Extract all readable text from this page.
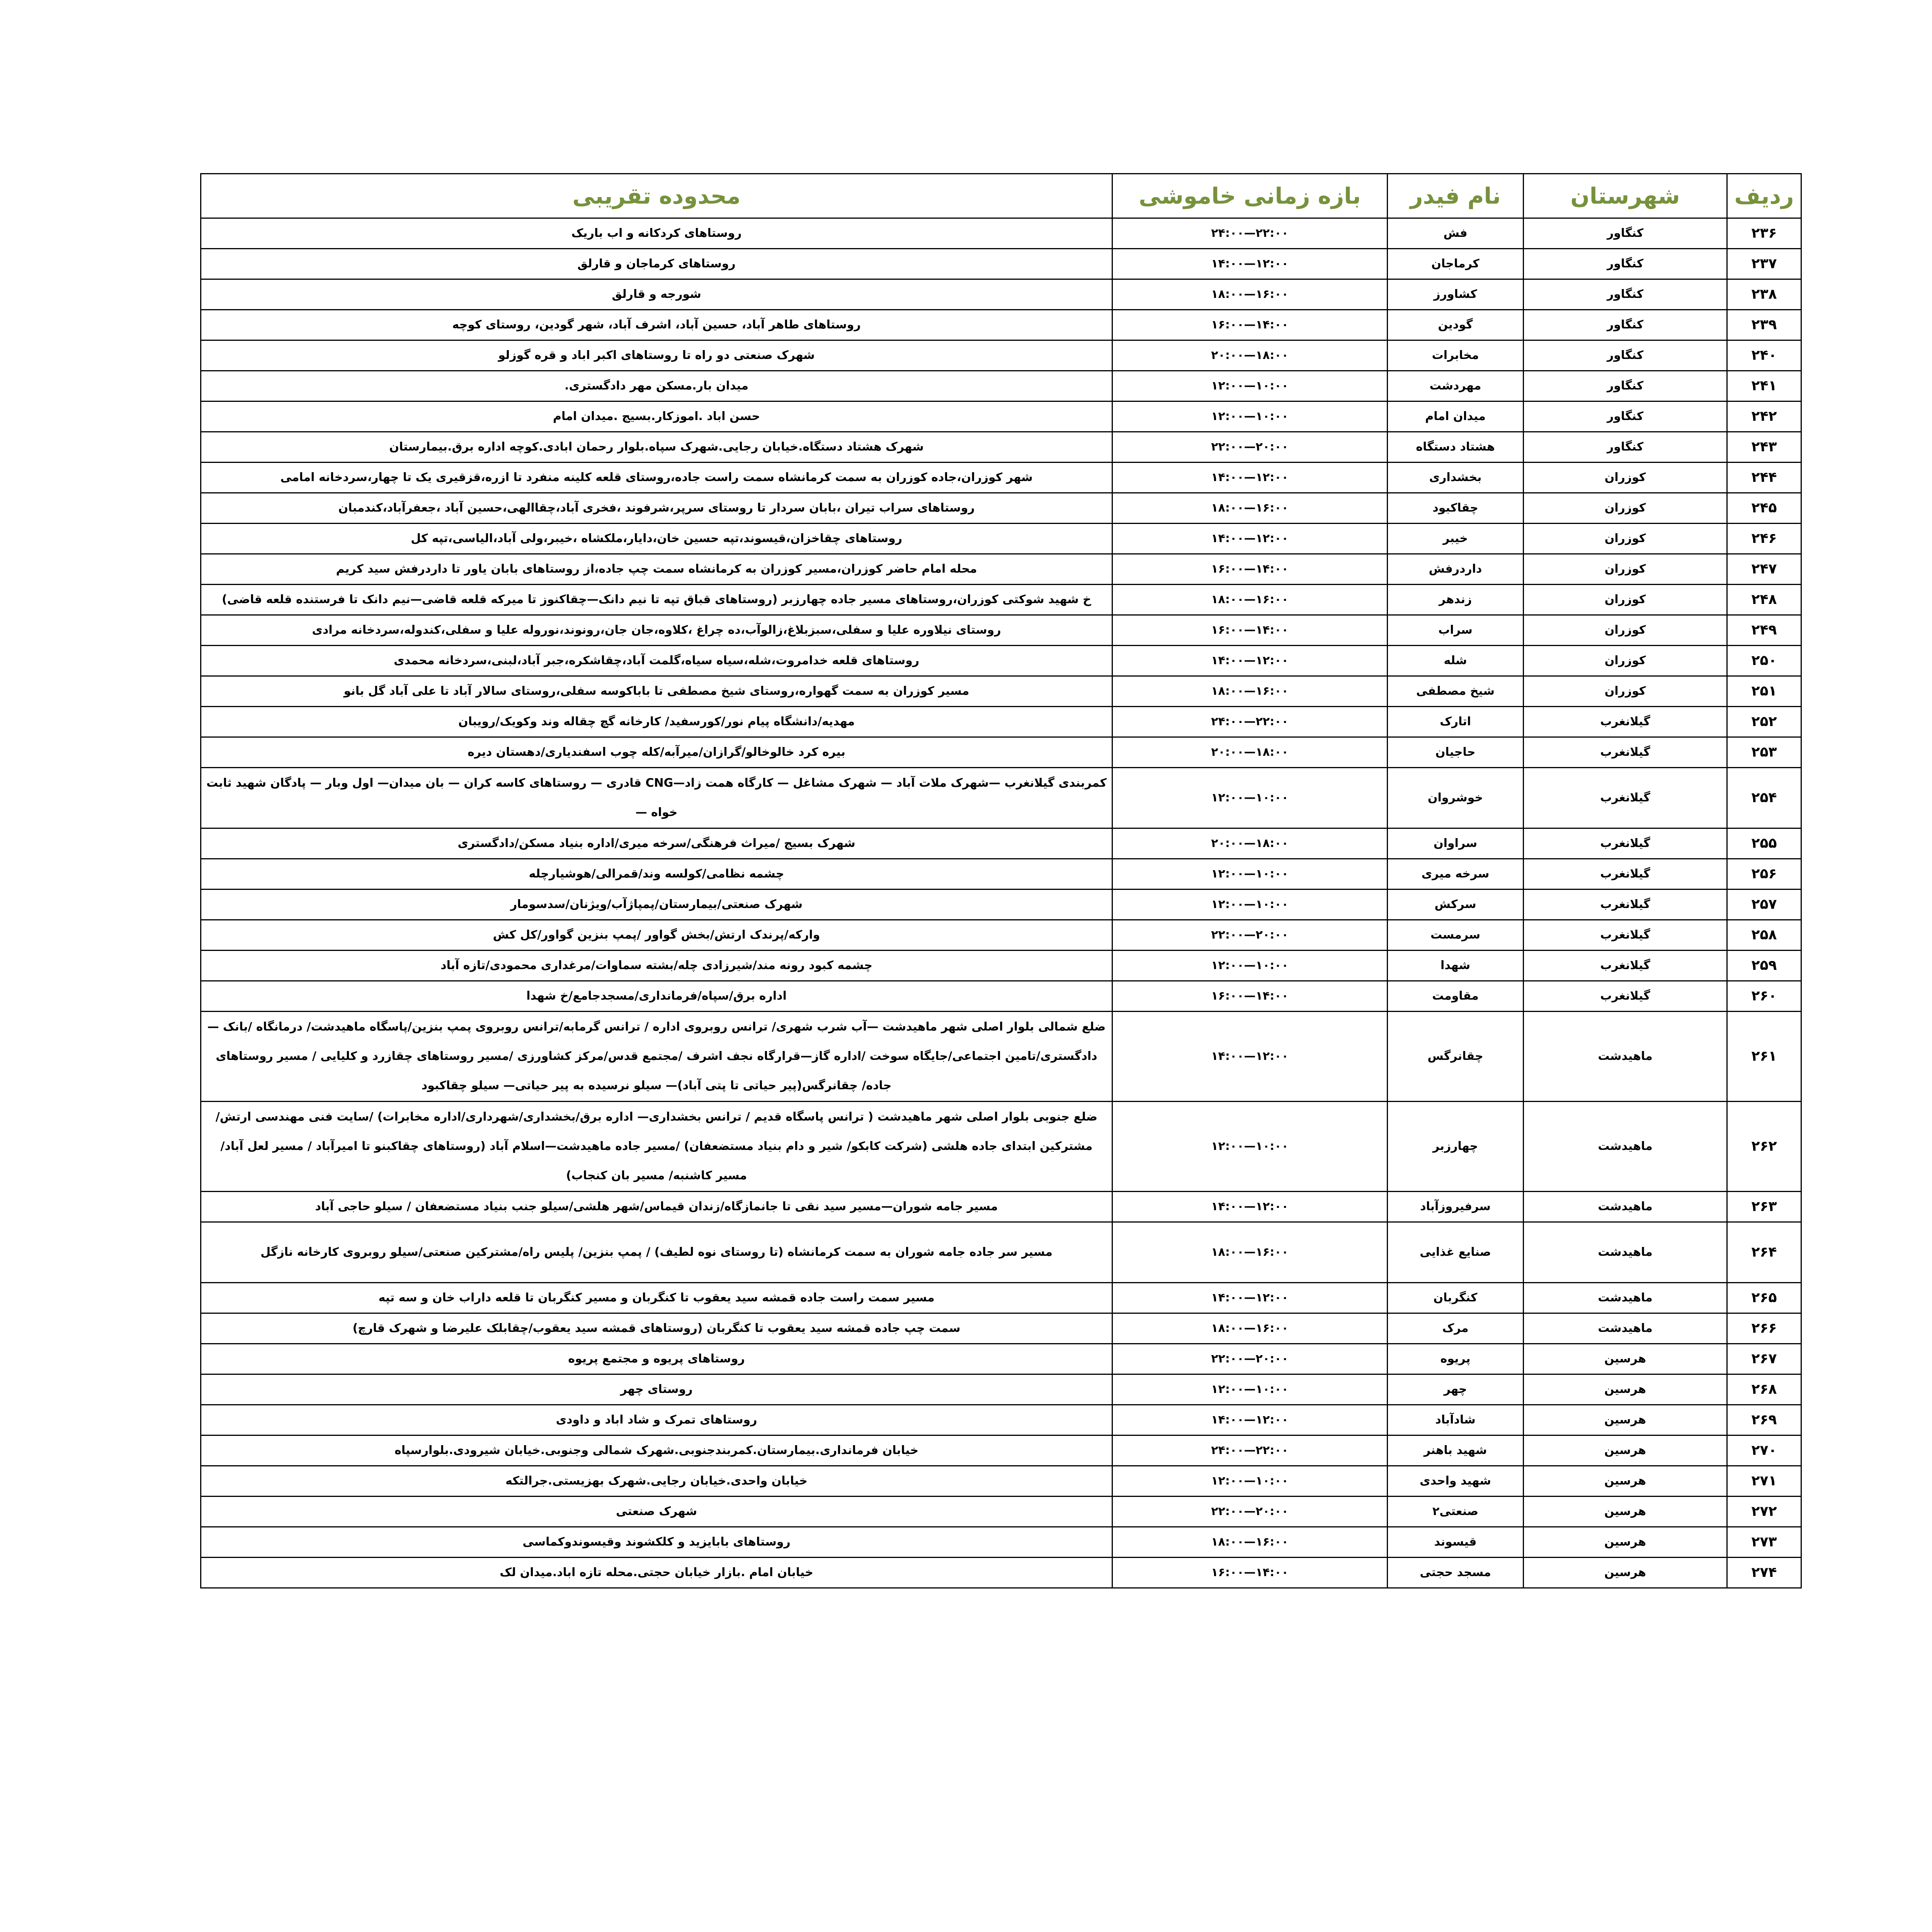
ردیف	شهرستان	نام فیدر	بازه زمانی خاموشی	محدوده تقریبی
۲۳۶	کنگاور	فش	۲۲:۰۰—۲۴:۰۰	روستاهای کردکانه و اب باریک
۲۳۷	کنگاور	کرماجان	۱۲:۰۰—۱۴:۰۰	روستاهای کرماجان و قارلق
۲۳۸	کنگاور	کشاورز	۱۶:۰۰—۱۸:۰۰	شورجه و قارلق
۲۳۹	کنگاور	گودین	۱۴:۰۰—۱۶:۰۰	روستاهای طاهر آباد، حسین آباد، اشرف آباد، شهر گودین، روستای کوچه
۲۴۰	کنگاور	مخابرات	۱۸:۰۰—۲۰:۰۰	شهرک صنعتی دو راه تا روستاهای اکبر اباد و قره گوزلو
۲۴۱	کنگاور	مهردشت	۱۰:۰۰—۱۲:۰۰	میدان بار.مسکن مهر دادگستری.
۲۴۲	کنگاور	میدان امام	۱۰:۰۰—۱۲:۰۰	حسن اباد .اموزکار.بسیج .میدان امام
۲۴۳	کنگاور	هشتاد دستگاه	۲۰:۰۰—۲۲:۰۰	شهرک هشتاد دستگاه.خیابان رجایی.شهرک سپاه.بلوار رحمان ابادی.کوچه اداره برق.بیمارستان
۲۴۴	کوزران	بخشداری	۱۲:۰۰—۱۴:۰۰	شهر کوزران،جاده کوزران به سمت کرمانشاه سمت راست جاده،روستای قلعه کلینه منفرد تا ازره،قزقیری یک تا چهار،سردخانه امامی
۲۴۵	کوزران	چقاکبود	۱۶:۰۰—۱۸:۰۰	روستاهای سراب تیران ،بابان سردار تا روستای سرپر،شرفوند ،فخری آباد،چقاالهی،حسین آباد ،جعفرآباد،کندمبان
۲۴۶	کوزران	خیبر	۱۲:۰۰—۱۴:۰۰	روستاهای چقاخزان،قیسوند،تپه حسین خان،دایار،ملکشاه ،خیبر،ولی آباد،الیاسی،تپه کل
۲۴۷	کوزران	داردرفش	۱۴:۰۰—۱۶:۰۰	محله امام حاضر کوزران،مسیر کوزران به کرمانشاه سمت چپ جاده،از روستاهای بابان یاور تا داردرفش سید کریم
۲۴۸	کوزران	زندهر	۱۶:۰۰—۱۸:۰۰	خ شهید شوکتی کوزران،روستاهای مسیر جاده چهارزبر (روستاهای قباق تپه تا نیم دانک—چقاکنوز تا میرکه قلعه قاضی—نیم دانک تا فرستنده قلعه قاضی)
۲۴۹	کوزران	سراب	۱۴:۰۰—۱۶:۰۰	روستای نیلاوره علیا و سفلی،سبزبلاغ،زالوآب،ده چراغ ،کلاوه،جان جان،رونوند،نوروله علیا و سفلی،کندوله،سردخانه مرادی
۲۵۰	کوزران	شله	۱۲:۰۰—۱۴:۰۰	روستاهای قلعه خدامروت،شله،سیاه سیاه،گلمت آباد،چقاشکره،جبر آباد،لبنی،سردخانه محمدی
۲۵۱	کوزران	شیخ مصطفی	۱۶:۰۰—۱۸:۰۰	مسیر کوزران به سمت گهواره،روستای شیخ مصطفی تا باباکوسه سفلی،روستای سالار آباد تا علی آباد گل بانو
۲۵۲	گیلانغرب	اتارک	۲۲:۰۰—۲۴:۰۰	مهدیه/دانشگاه پیام نور/کورسفید/ کارخانه گچ چقاله وند وکویک/رویبان
۲۵۳	گیلانغرب	حاجیان	۱۸:۰۰—۲۰:۰۰	بیره کرد خالوخالو/گرازان/میرآبه/کله چوب اسفندیاری/دهستان دیره
۲۵۴	گیلانغرب	خوشروان	۱۰:۰۰—۱۲:۰۰	کمربندی گیلانغرب —شهرک ملات آباد — شهرک مشاغل — کارگاه همت زاد—CNG قادری — روستاهای کاسه کران — بان میدان— اول وبار — پادگان شهید ثابت خواه —
۲۵۵	گیلانغرب	سراوان	۱۸:۰۰—۲۰:۰۰	شهرک بسیج /میراث فرهنگی/سرخه میری/اداره بنیاد مسکن/دادگستری
۲۵۶	گیلانغرب	سرخه میری	۱۰:۰۰—۱۲:۰۰	چشمه نظامی/کولسه وند/قمرالی/هوشیارچله
۲۵۷	گیلانغرب	سرکش	۱۰:۰۰—۱۲:۰۰	شهرک صنعتی/بیمارستان/پمپاژآب/ویژنان/سدسومار
۲۵۸	گیلانغرب	سرمست	۲۰:۰۰—۲۲:۰۰	وارکه/پرندک ارتش/بخش گواور /پمپ بنزین گواور/کل کش
۲۵۹	گیلانغرب	شهدا	۱۰:۰۰—۱۲:۰۰	چشمه کبود رونه مند/شیرزادی چله/بشته سماوات/مرغداری محمودی/تازه آباد
۲۶۰	گیلانغرب	مقاومت	۱۴:۰۰—۱۶:۰۰	اداره برق/سپاه/فرمانداری/مسجدجامع/خ شهدا
۲۶۱	ماهیدشت	چقانرگس	۱۲:۰۰—۱۴:۰۰	ضلع شمالی بلوار اصلی شهر ماهیدشت —آب شرب شهری/ ترانس روبروی اداره / ترانس گرمابه/ترانس روبروی پمپ بنزین/پاسگاه ماهیدشت/ درمانگاه /بانک — دادگستری/تامین اجتماعی/جایگاه سوخت /اداره گاز—قرارگاه نجف اشرف /مجتمع قدس/مرکز کشاورزی /مسیر روستاهای چقازرد و کلیایی / مسیر روستاهای جاده/ چقانرگس(پیر حیاتی تا پتی آباد)— سیلو نرسیده به پیر حیاتی— سیلو چقاکبود
۲۶۲	ماهیدشت	چهارزبر	۱۰:۰۰—۱۲:۰۰	ضلع جنوبی بلوار اصلی شهر ماهیدشت ( ترانس پاسگاه قدیم / ترانس بخشداری— اداره برق/بخشداری/شهرداری/اداره مخابرات) /سایت فنی مهندسی ارتش/ مشترکین ابتدای جاده هلشی (شرکت کابکو/ شیر و دام بنیاد مستضعفان) /مسیر جاده ماهیدشت—اسلام آباد (روستاهای چقاکبنو تا امیرآباد / مسیر لعل آباد/مسیر کاشنبه/ مسیر بان کنجاب)
۲۶۳	ماهیدشت	سرفیروزآباد	۱۲:۰۰—۱۴:۰۰	مسیر جامه شوران—مسیر سید نقی تا جانمازگاه/زندان قیماس/شهر هلشی/سیلو جنب بنیاد مستضعفان / سیلو حاجی آباد
۲۶۴	ماهیدشت	صنایع غذایی	۱۶:۰۰—۱۸:۰۰	مسیر سر جاده جامه شوران به سمت کرمانشاه (تا روستای نوه لطیف) / پمپ بنزین/ پلیس راه/مشترکین صنعتی/سیلو روبروی کارخانه نازگل
۲۶۵	ماهیدشت	کنگربان	۱۲:۰۰—۱۴:۰۰	مسیر سمت راست جاده قمشه سید یعقوب تا کنگربان و مسیر کنگربان تا قلعه داراب خان و سه تپه
۲۶۶	ماهیدشت	مرک	۱۶:۰۰—۱۸:۰۰	سمت چپ جاده قمشه سید یعقوب تا کنگربان (روستاهای قمشه سید یعقوب/چقابلک علیرضا و شهرک قارچ)
۲۶۷	هرسین	پریوه	۲۰:۰۰—۲۲:۰۰	روستاهای پریوه و مجتمع پریوه
۲۶۸	هرسین	چهر	۱۰:۰۰—۱۲:۰۰	روستای چهر
۲۶۹	هرسین	شادآباد	۱۲:۰۰—۱۴:۰۰	روستاهای تمرک و شاد اباد و داودی
۲۷۰	هرسین	شهید باهنر	۲۲:۰۰—۲۴:۰۰	خیابان فرمانداری.بیمارستان.کمربندجنوبی.شهرک شمالی وجنوبی.خیابان شیرودی.بلوارسپاه
۲۷۱	هرسین	شهید واحدی	۱۰:۰۰—۱۲:۰۰	خیابان واحدی.خیابان رجایی.شهرک بهزیستی.جرالتکه
۲۷۲	هرسین	صنعتی۲	۲۰:۰۰—۲۲:۰۰	شهرک صنعتی
۲۷۳	هرسین	قیسوند	۱۶:۰۰—۱۸:۰۰	روستاهای بابایزید و کلکشوند وقیسوندوکماسی
۲۷۴	هرسین	مسجد حجتی	۱۴:۰۰—۱۶:۰۰	خیابان امام .بازار خیابان حجتی.محله تازه اباد.میدان لک
